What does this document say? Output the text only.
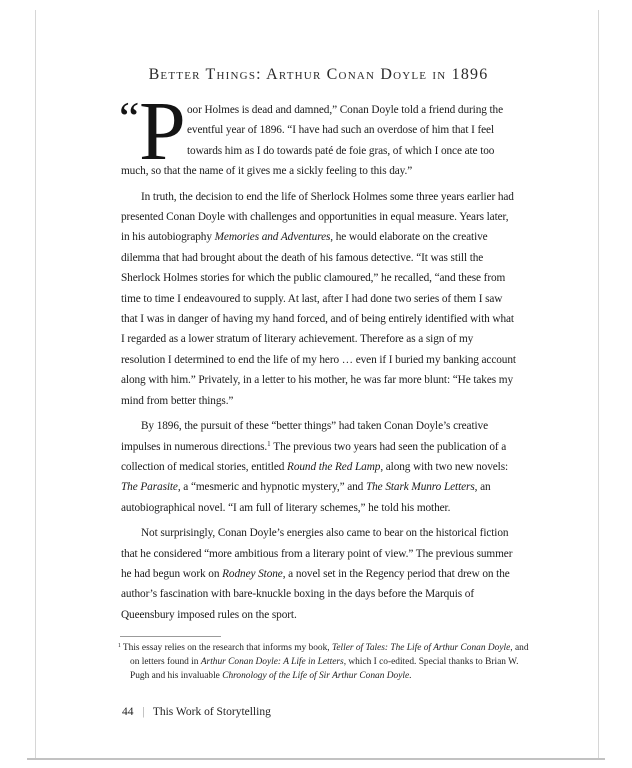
Better Things: Arthur Conan Doyle in 1896

“ P oor Holmes is dead and damned,” Conan Doyle told a friend during the eventful year of 1896. “I have had such an overdose of him that I feel towards him as I do towards paté de foie gras, of which I once ate too much, so that the name of it gives me a sickly feeling to this day.”

In truth, the decision to end the life of Sherlock Holmes some three years earlier had presented Conan Doyle with challenges and opportunities in equal measure. Years later, in his autobiography Memories and Adventures, he would elaborate on the creative dilemma that had brought about the death of his famous detective. “It was still the Sherlock Holmes stories for which the public clamoured,” he recalled, “and these from time to time I endeavoured to supply. At last, after I had done two series of them I saw that I was in danger of having my hand forced, and of being entirely identified with what I regarded as a lower stratum of literary achievement. Therefore as a sign of my resolution I determined to end the life of my hero … even if I buried my banking account along with him.” Privately, in a letter to his mother, he was far more blunt: “He takes my mind from better things.”

By 1896, the pursuit of these “better things” had taken Conan Doyle’s creative impulses in numerous directions.$^1$ The previous two years had seen the publication of a collection of medical stories, entitled Round the Red Lamp, along with two new novels: The Parasite, a “mesmeric and hypnotic mystery,” and The Stark Munro Letters, an autobiographical novel. “I am full of literary schemes,” he told his mother.

Not surprisingly, Conan Doyle’s energies also came to bear on the historical fiction that he considered “more ambitious from a literary point of view.” The previous summer he had begun work on Rodney Stone, a novel set in the Regency period that drew on the author’s fascination with bare-knuckle boxing in the days before the Marquis of Queensbury imposed rules on the sport.

$^1$ This essay relies on the research that informs my book, Teller of Tales: The Life of Arthur Conan Doyle, and on letters found in Arthur Conan Doyle: A Life in Letters, which I co-edited. Special thanks to Brian W. Pugh and his invaluable Chronology of the Life of Sir Arthur Conan Doyle.
44 | This Work of Storytelling
